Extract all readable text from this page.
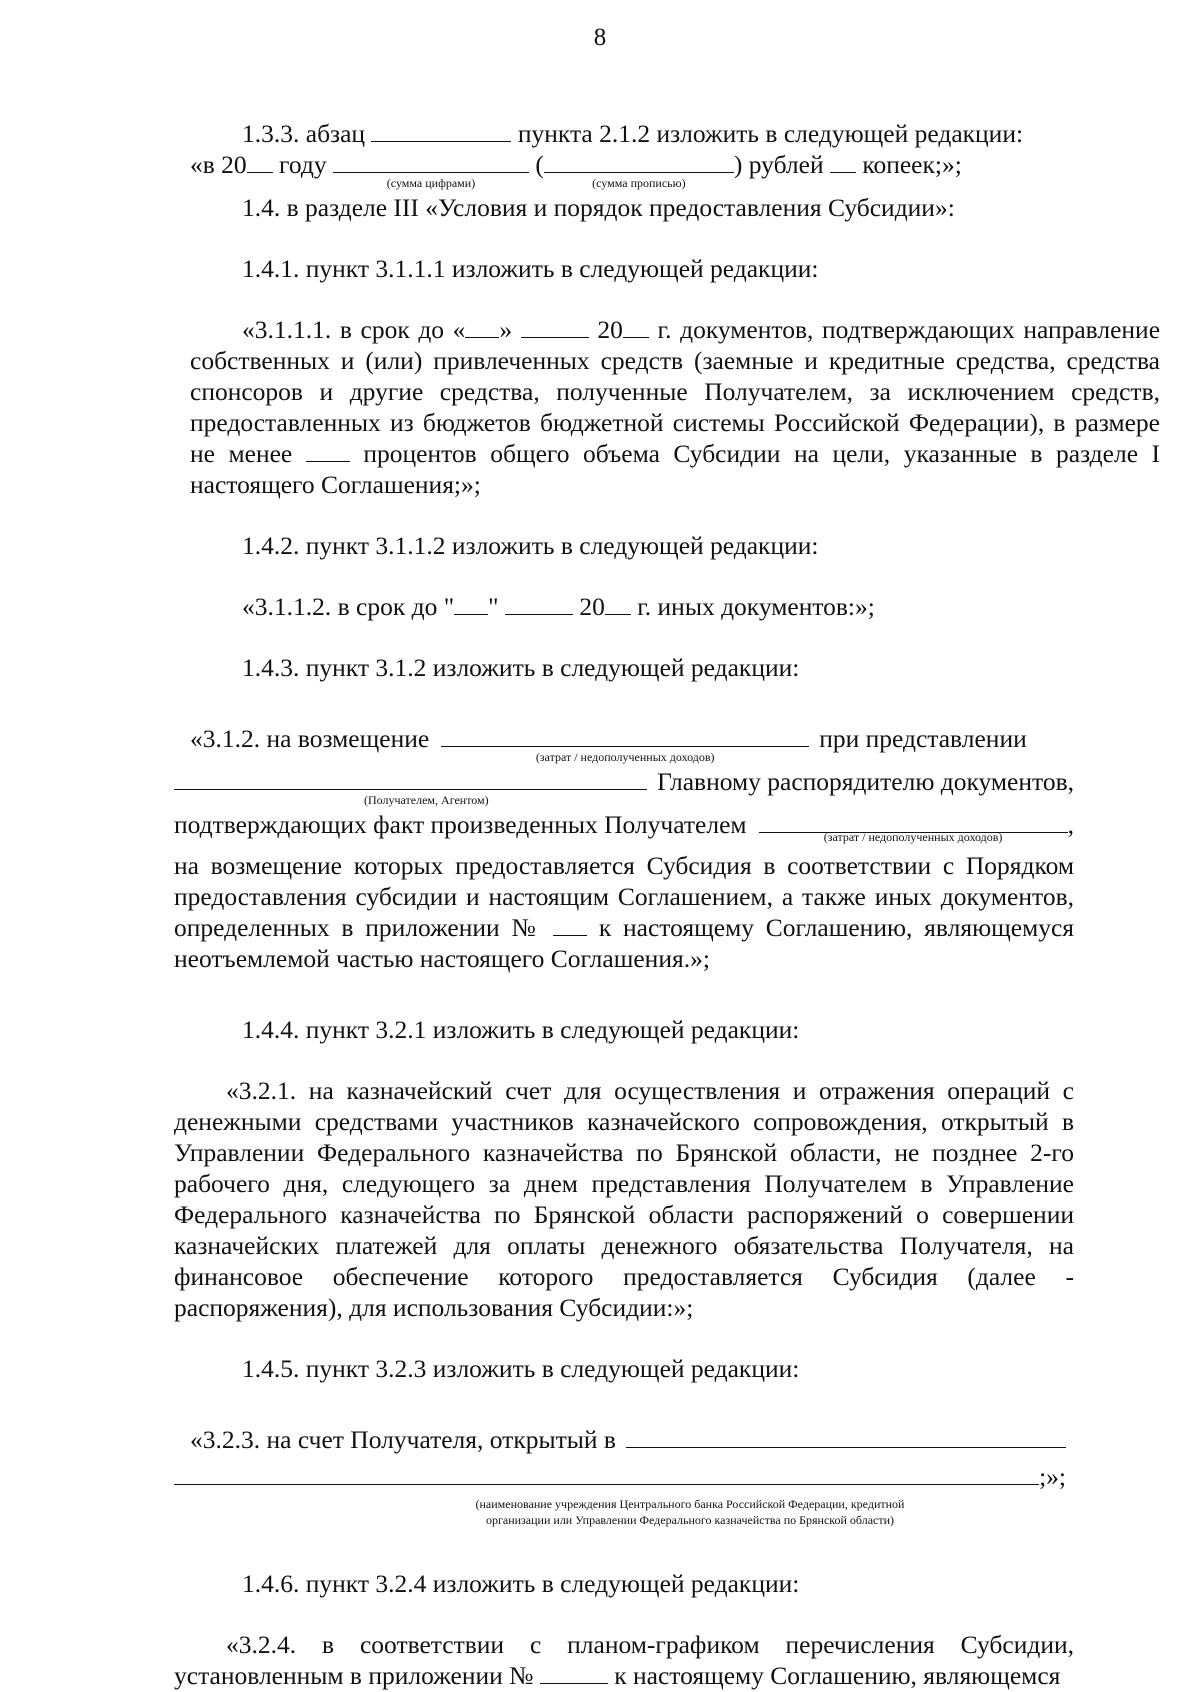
8

1.3.3. абзац	пункта 2.1.2 изложить в следующей редакции:

«в 20 году
(сумма цифрами)
(
(сумма прописью)
) рублей копеек;»;

1.4. в разделе III «Условия и порядок предоставления Субсидии»:

1.4.1. пункт 3.1.1.1 изложить в следующей редакции:

«3.1.1.1. в срок до « »	20 г. документов, подтверждающих направление собственных и (или) привлеченных средств (заемные и кредитные средства, средства спонсоров и другие средства, полученные Получателем, за исключением средств, предоставленных из бюджетов бюджетной системы Российской Федерации), в размере не менее	процентов общего объема Субсидии на цели, указанные в разделе I настоящего Соглашения;»;

1.4.2. пункт 3.1.1.2 изложить в следующей редакции:

«3.1.1.2. в срок до " "	20 г. иных документов:»;

1.4.3. пункт 3.1.2 изложить в следующей редакции:

«3.1.2. на возмещение
(затрат / недополученных доходов)
при представлении
(Получателем, Агентом)
Главному распорядителю документов,
подтверждающих факт произведенных Получателем	(затрат / недополученных доходов)	,

на возмещение которых предоставляется Субсидия в соответствии с Порядком предоставления субсидии и настоящим Соглашением, а также иных документов, определенных в приложении № к настоящему Соглашению, являющемуся неотъемлемой частью настоящего Соглашения.»;

1.4.4. пункт 3.2.1 изложить в следующей редакции:

«3.2.1. на казначейский счет для осуществления и отражения операций с денежными средствами участников казначейского сопровождения, открытый в Управлении Федерального казначейства по Брянской области, не позднее 2-го рабочего дня, следующего за днем представления Получателем в Управление Федерального казначейства по Брянской области распоряжений о совершении казначейских платежей для оплаты денежного обязательства Получателя, на финансовое обеспечение которого предоставляется Субсидия (далее - распоряжения), для использования Субсидии:»;

1.4.5. пункт 3.2.3 изложить в следующей редакции:

«3.2.3. на счет Получателя, открытый в
;»;
(наименование учреждения Центрального банка Российской Федерации, кредитной
организации или Управлении Федерального казначейства по Брянской области)

1.4.6. пункт 3.2.4 изложить в следующей редакции:

«3.2.4. в соответствии с планом-графиком перечисления Субсидии, установленным в приложении №	к настоящему Соглашению, являющемся
